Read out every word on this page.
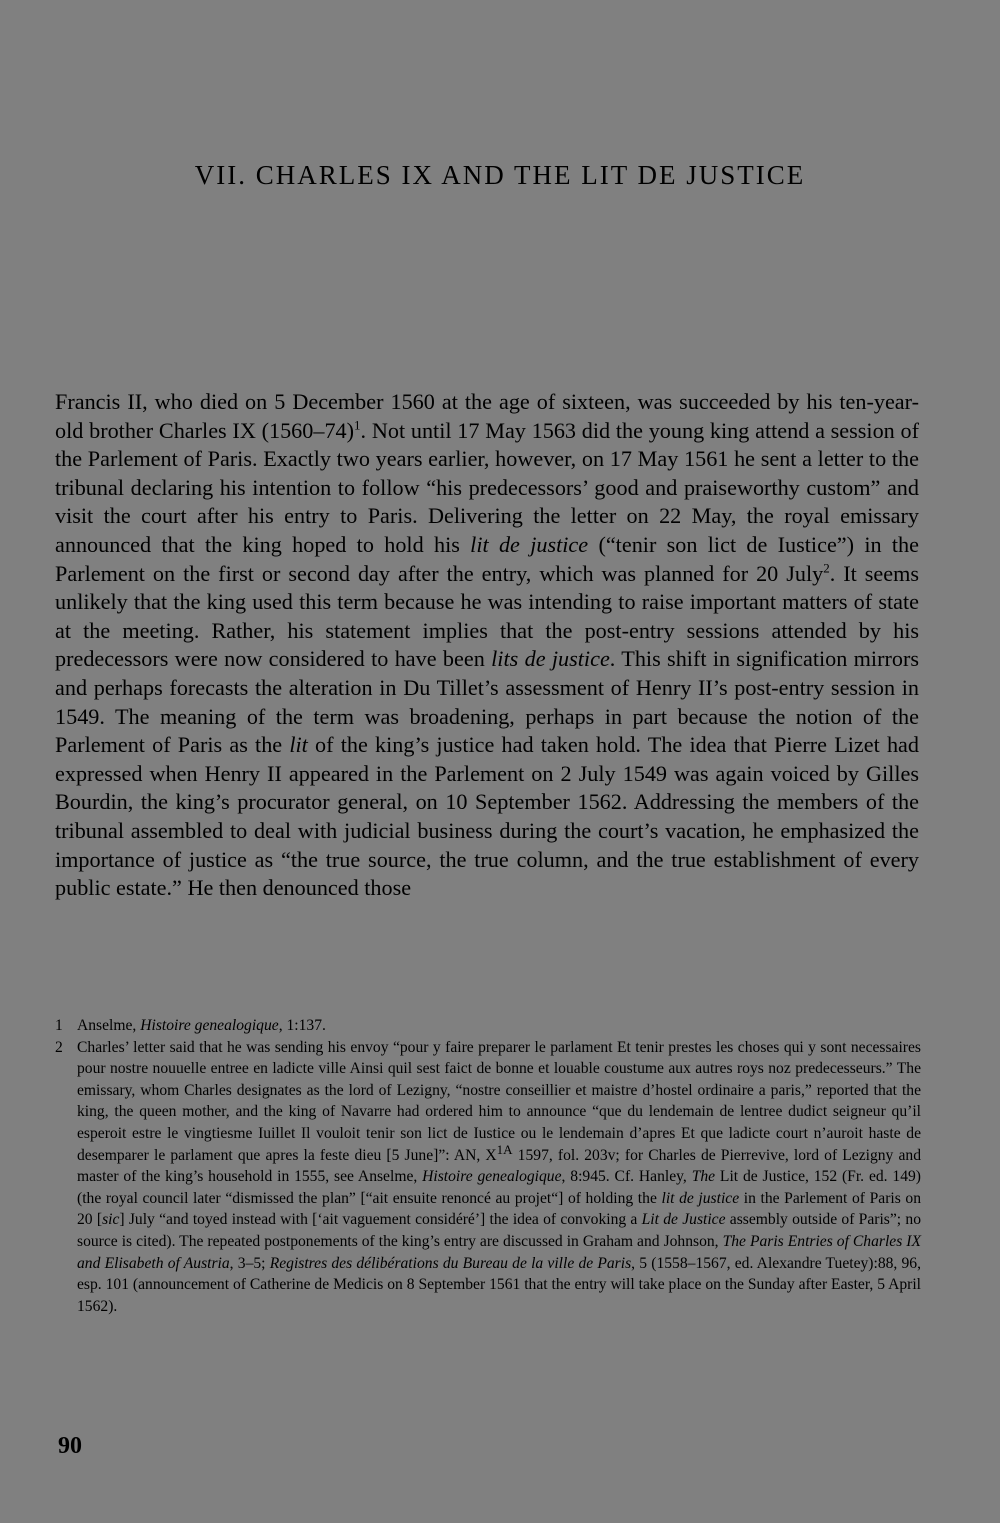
VII. CHARLES IX AND THE LIT DE JUSTICE

Francis II, who died on 5 December 1560 at the age of sixteen, was succeeded by his ten-year-old brother Charles IX (1560–74)$^1$. Not until 17 May 1563 did the young king attend a session of the Parlement of Paris. Exactly two years earlier, however, on 17 May 1561 he sent a letter to the tribunal declaring his intention to follow “his predecessors’ good and praiseworthy custom” and visit the court after his entry to Paris. Delivering the letter on 22 May, the royal emissary announced that the king hoped to hold his lit de justice (“tenir son lict de Iustice”) in the Parlement on the first or second day after the entry, which was planned for 20 July$^2$. It seems unlikely that the king used this term because he was intending to raise important matters of state at the meeting. Rather, his statement implies that the post-entry sessions attended by his predecessors were now considered to have been lits de justice. This shift in signification mirrors and perhaps forecasts the alteration in Du Tillet’s assessment of Henry II’s post-entry session in 1549. The meaning of the term was broadening, perhaps in part because the notion of the Parlement of Paris as the lit of the king’s justice had taken hold. The idea that Pierre Lizet had expressed when Henry II appeared in the Parlement on 2 July 1549 was again voiced by Gilles Bourdin, the king’s procurator general, on 10 September 1562. Addressing the members of the tribunal assembled to deal with judicial business during the court’s vacation, he emphasized the importance of justice as “the true source, the true column, and the true establishment of every public estate.” He then denounced those

1 Anselme, Histoire genealogique, 1:137.
2 Charles’ letter said that he was sending his envoy “pour y faire preparer le parlament Et tenir prestes les choses qui y sont necessaires pour nostre nouuelle entree en ladicte ville Ainsi quil sest faict de bonne et louable coustume aux autres roys noz predecesseurs.” The emissary, whom Charles designates as the lord of Lezigny, “nostre conseillier et maistre d’hostel ordinaire a paris,” reported that the king, the queen mother, and the king of Navarre had ordered him to announce “que du lendemain de lentree dudict seigneur qu’il esperoit estre le vingtiesme Iuillet Il vouloit tenir son lict de Iustice ou le lendemain d’apres Et que ladicte court n’auroit haste de desemparer le parlament que apres la feste dieu [5 June]”: AN, $X^{1A}$ 1597, fol. 203v; for Charles de Pierrevive, lord of Lezigny and master of the king’s household in 1555, see Anselme, Histoire genealogique, 8:945. Cf. Hanley, The Lit de Justice, 152 (Fr. ed. 149) (the royal council later “dismissed the plan” [“ait ensuite renoncé au projet“] of holding the lit de justice in the Parlement of Paris on 20 [sic] July “and toyed instead with [‘ait vaguement considéré’] the idea of convoking a Lit de Justice assembly outside of Paris”; no source is cited). The repeated postponements of the king’s entry are discussed in Graham and Johnson, The Paris Entries of Charles IX and Elisabeth of Austria, 3–5; Registres des délibérations du Bureau de la ville de Paris, 5 (1558–1567, ed. Alexandre Tuetey):88, 96, esp. 101 (announcement of Catherine de Medicis on 8 September 1561 that the entry will take place on the Sunday after Easter, 5 April 1562).
90
